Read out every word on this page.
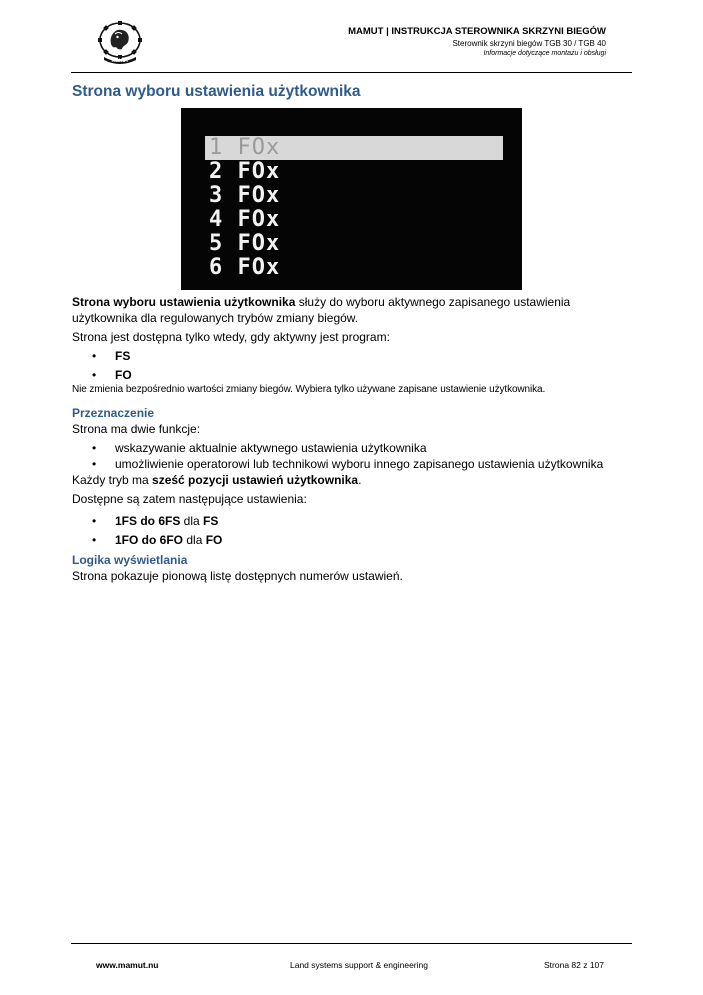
MAMUT
MAMUT | INSTRUKCJA STEROWNIKA SKRZYNI BIEGÓW
Sterownik skrzyni biegów TGB 30 / TGB 40
Informacje dotyczące montażu i obsługi
Strona wyboru ustawienia użytkownika
1 FOx
2 FOx
3 FOx
4 FOx
5 FOx
6 FOx

Strona wyboru ustawienia użytkownika służy do wyboru aktywnego zapisanego ustawienia użytkownika dla regulowanych trybów zmiany biegów.

Strona jest dostępna tylko wtedy, gdy aktywny jest program:

• FS

• FO

Nie zmienia bezpośrednio wartości zmiany biegów. Wybiera tylko używane zapisane ustawienie użytkownika.

Przeznaczenie

Strona ma dwie funkcje:

• wskazywanie aktualnie aktywnego ustawienia użytkownika

• umożliwienie operatorowi lub technikowi wyboru innego zapisanego ustawienia użytkownika

Każdy tryb ma sześć pozycji ustawień użytkownika.

Dostępne są zatem następujące ustawienia:

• 1FS do 6FS dla FS

• 1FO do 6FO dla FO

Logika wyświetlania

Strona pokazuje pionową listę dostępnych numerów ustawień.

www.mamut.nu	Land systems support & engineering	Strona 82 z 107
